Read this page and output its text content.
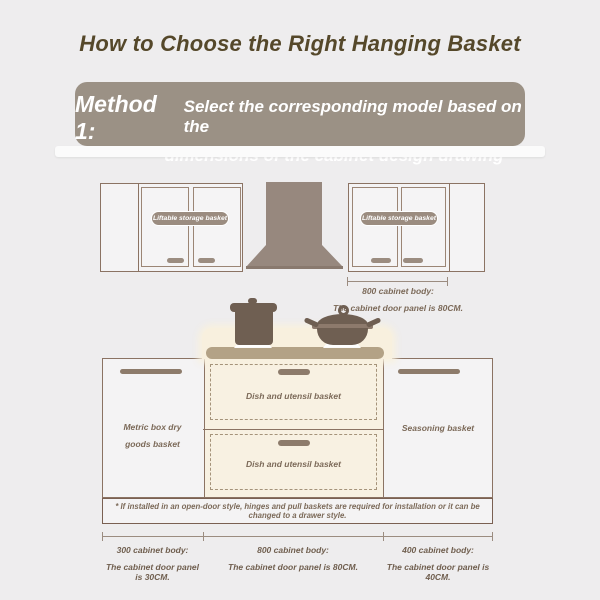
How to Choose the Right Hanging Basket
Method 1:
Select the corresponding model based on the
Liftable storage basket	Liftable storage basket
800 cabinet body:
The cabinet door panel is 80CM.
Metric box dry
goods basket
Seasoning basket
Dish and utensil basket
Dish and utensil basket
* If installed in an open-door style, hinges and pull baskets are required for installation or it can be changed to a drawer style.
300 cabinet body:
The cabinet door panel is 30CM.
800 cabinet body:
The cabinet door panel is 80CM.
400 cabinet body:
The cabinet door panel is 40CM.
